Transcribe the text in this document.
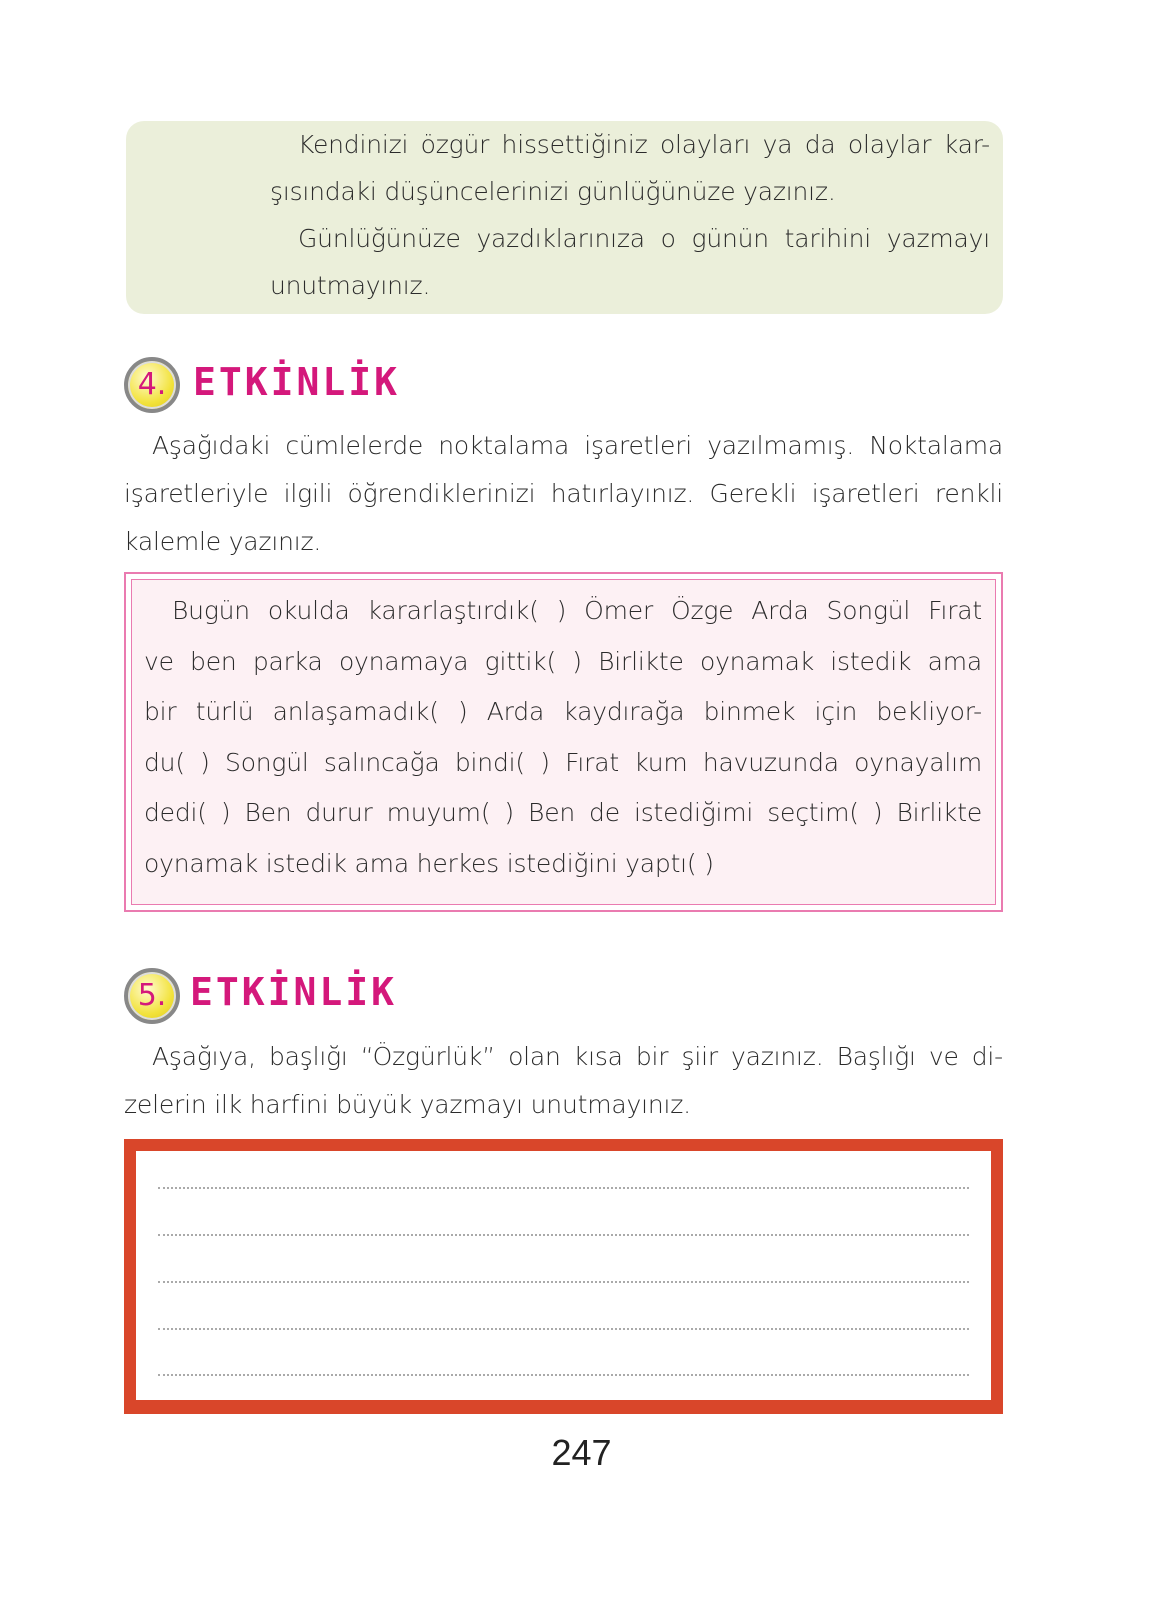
Kendinizi özgür hissettiğiniz olayları ya da olaylar kar-
şısındaki düşüncelerinizi günlüğünüze yazınız.
Günlüğünüze yazdıklarınıza o günün tarihini yazmayı
unutmayınız.
4. ETKİNLİK
Aşağıdaki cümlelerde noktalama işaretleri yazılmamış. Noktalama
işaretleriyle ilgili öğrendiklerinizi hatırlayınız. Gerekli işaretleri renkli
kalemle yazınız.
Bugün okulda kararlaştırdık( ) Ömer Özge Arda Songül Fırat
ve ben parka oynamaya gittik( ) Birlikte oynamak istedik ama
bir türlü anlaşamadık( ) Arda kaydırağa binmek için bekliyor-
du( ) Songül salıncağa bindi( ) Fırat kum havuzunda oynayalım
dedi( ) Ben durur muyum( ) Ben de istediğimi seçtim( ) Birlikte
oynamak istedik ama herkes istediğini yaptı( )
5. ETKİNLİK
Aşağıya, başlığı “Özgürlük” olan kısa bir şiir yazınız. Başlığı ve di-
zelerin ilk harfini büyük yazmayı unutmayınız.
247
